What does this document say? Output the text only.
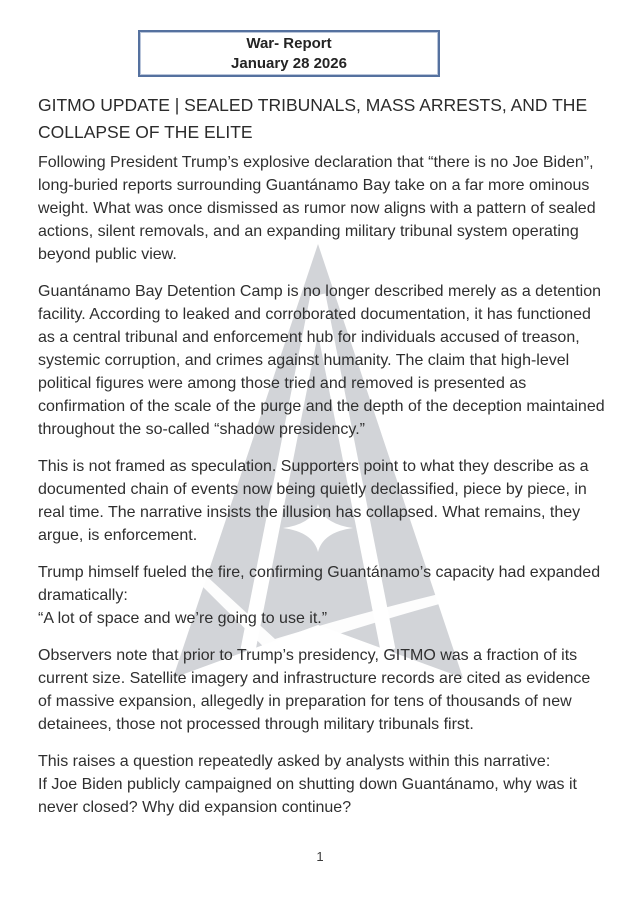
War- Report
January 28 2026
GITMO UPDATE | SEALED TRIBUNALS, MASS ARRESTS, AND THE COLLAPSE OF THE ELITE
Following President Trump’s explosive declaration that “there is no Joe Biden”, long-buried reports surrounding Guantánamo Bay take on a far more ominous weight. What was once dismissed as rumor now aligns with a pattern of sealed actions, silent removals, and an expanding military tribunal system operating beyond public view.
Guantánamo Bay Detention Camp is no longer described merely as a detention facility. According to leaked and corroborated documentation, it has functioned as a central tribunal and enforcement hub for individuals accused of treason, systemic corruption, and crimes against humanity. The claim that high-level political figures were among those tried and removed is presented as confirmation of the scale of the purge and the depth of the deception maintained throughout the so-called “shadow presidency.”
This is not framed as speculation. Supporters point to what they describe as a documented chain of events now being quietly declassified, piece by piece, in real time. The narrative insists the illusion has collapsed. What remains, they argue, is enforcement.
Trump himself fueled the fire, confirming Guantánamo’s capacity had expanded dramatically:
“A lot of space and we’re going to use it.”
Observers note that prior to Trump’s presidency, GITMO was a fraction of its current size. Satellite imagery and infrastructure records are cited as evidence of massive expansion, allegedly in preparation for tens of thousands of new detainees, those not processed through military tribunals first.
This raises a question repeatedly asked by analysts within this narrative:
If Joe Biden publicly campaigned on shutting down Guantánamo, why was it never closed? Why did expansion continue?
1
